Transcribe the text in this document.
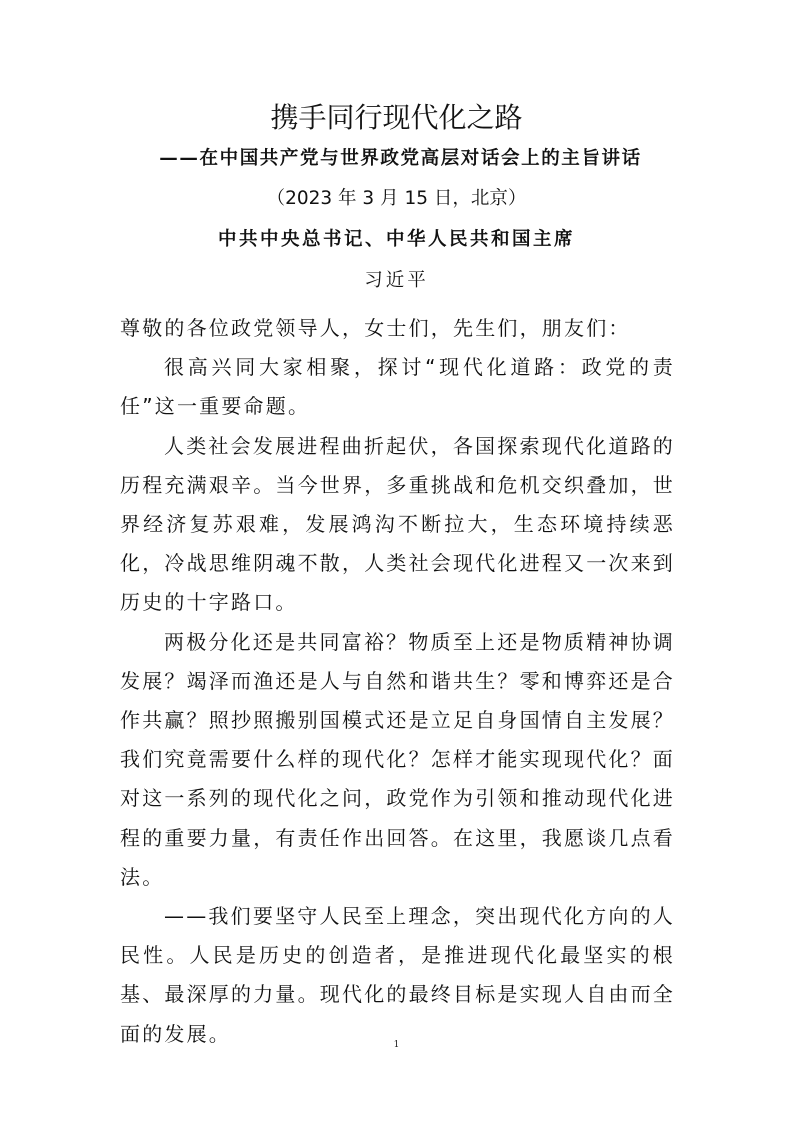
携手同行现代化之路
——在中国共产党与世界政党高层对话会上的主旨讲话
（2023 年 3 月 15 日，北京）
中共中央总书记、中华人民共和国主席
习近平

尊敬的各位政党领导人，女士们，先生们，朋友们：

很高兴同大家相聚，探讨“现代化道路：政党的责任”这一重要命题。

人类社会发展进程曲折起伏，各国探索现代化道路的历程充满艰辛。当今世界，多重挑战和危机交织叠加，世界经济复苏艰难，发展鸿沟不断拉大，生态环境持续恶化，冷战思维阴魂不散，人类社会现代化进程又一次来到历史的十字路口。

两极分化还是共同富裕？物质至上还是物质精神协调发展？竭泽而渔还是人与自然和谐共生？零和博弈还是合作共赢？照抄照搬别国模式还是立足自身国情自主发展？我们究竟需要什么样的现代化？怎样才能实现现代化？面对这一系列的现代化之问，政党作为引领和推动现代化进程的重要力量，有责任作出回答。在这里，我愿谈几点看法。

——我们要坚守人民至上理念，突出现代化方向的人民性。人民是历史的创造者，是推进现代化最坚实的根基、最深厚的力量。现代化的最终目标是实现人自由而全面的发展。	1
